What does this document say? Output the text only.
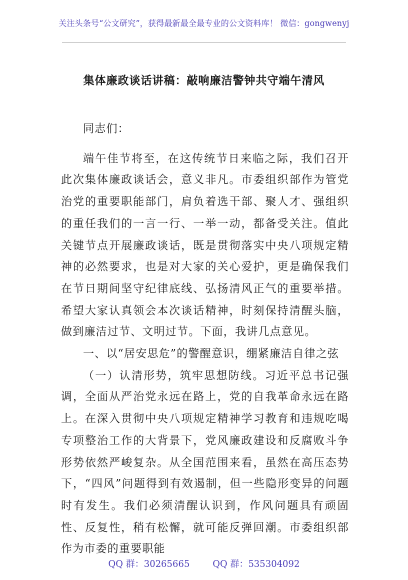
关注头条号“公文研究”，获得最新最全最专业的公文资料库！ 微信：gongwenyj
集体廉政谈话讲稿：敲响廉洁警钟共守端午清风

同志们：

端午佳节将至，在这传统节日来临之际，我们召开此次集体廉政谈话会，意义非凡。市委组织部作为管党治党的重要职能部门，肩负着选干部、聚人才、强组织的重任我们的一言一行、一举一动，都备受关注。值此关键节点开展廉政谈话，既是贯彻落实中央八项规定精神的必然要求，也是对大家的关心爱护，更是确保我们在节日期间坚守纪律底线、弘扬清风正气的重要举措。希望大家认真领会本次谈话精神，时刻保持清醒头脑，做到廉洁过节、文明过节。下面，我讲几点意见。

一、以“居安思危”的警醒意识，绷紧廉洁自律之弦

（一）认清形势，筑牢思想防线。习近平总书记强调，全面从严治党永远在路上，党的自我革命永远在路上。在深入贯彻中央八项规定精神学习教育和违规吃喝专项整治工作的大背景下，党风廉政建设和反腐败斗争形势依然严峻复杂。从全国范围来看，虽然在高压态势下，“四风”问题得到有效遏制，但一些隐形变异的问题时有发生。我们必须清醒认识到，作风问题具有顽固性、反复性，稍有松懈，就可能反弹回潮。市委组织部作为市委的重要职能

QQ 群：30265665	QQ 群：535304092
